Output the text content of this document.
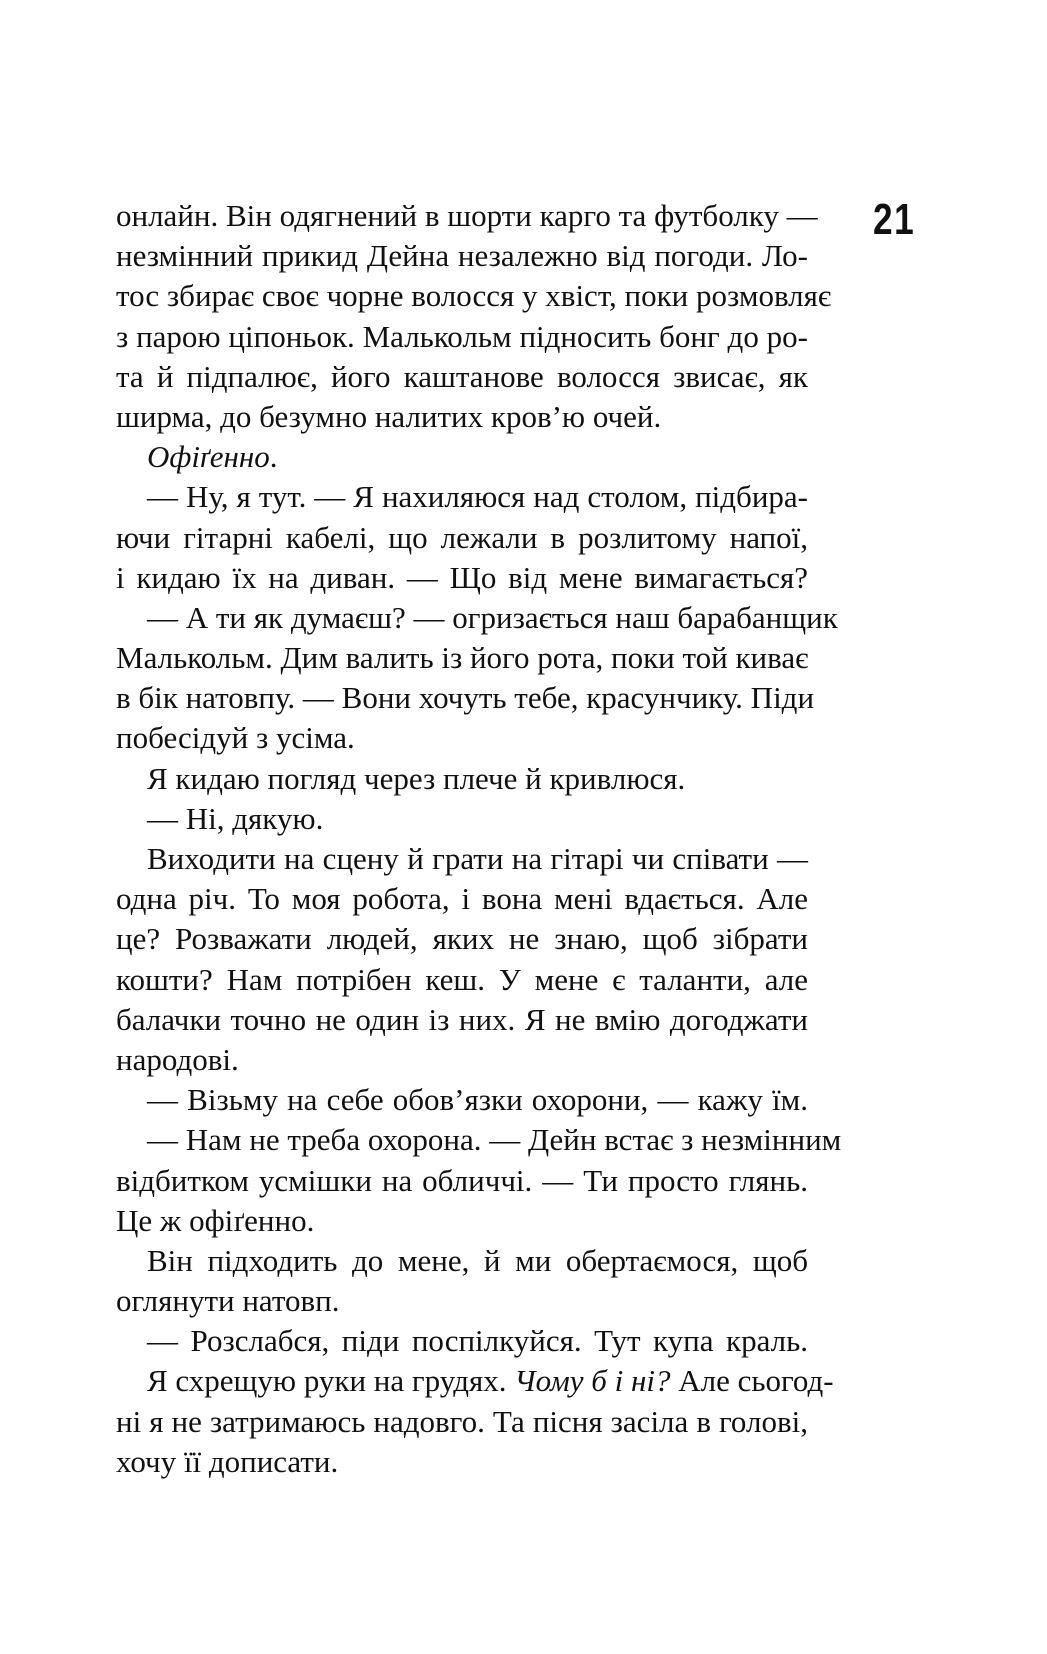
21
онлайн. Він одягнений в шорти карго та футболку —
незмінний прикид Дейна незалежно від погоди. Ло-
тос збирає своє чорне волосся у хвіст, поки розмовляє
з парою ціпоньок. Малькольм підносить бонг до ро-
та й підпалює, його каштанове волосся звисає, як
ширма, до безумно налитих кров’ю очей.
Офіґенно.
— Ну, я тут. — Я нахиляюся над столом, підбира-
ючи гітарні кабелі, що лежали в розлитому напої,
і кидаю їх на диван. — Що від мене вимагається?
— А ти як думаєш? — огризається наш барабанщик
Малькольм. Дим валить із його рота, поки той киває
в бік натовпу. — Вони хочуть тебе, красунчику. Піди
побесідуй з усіма.
Я кидаю погляд через плече й кривлюся.
— Ні, дякую.
Виходити на сцену й грати на гітарі чи співати —
одна річ. То моя робота, і вона мені вдається. Але
це? Розважати людей, яких не знаю, щоб зібрати
кошти? Нам потрібен кеш. У мене є таланти, але
балачки точно не один із них. Я не вмію догоджати
народові.
— Візьму на себе обов’язки охорони, — кажу їм.
— Нам не треба охорона. — Дейн встає з незмінним
відбитком усмішки на обличчі. — Ти просто глянь.
Це ж офіґенно.
Він підходить до мене, й ми обертаємося, щоб
оглянути натовп.
— Розслабся, піди поспілкуйся. Тут купа краль.
Я схрещую руки на грудях. Чому б і ні? Але сьогод-
ні я не затримаюсь надовго. Та пісня засіла в голові,
хочу її дописати.
